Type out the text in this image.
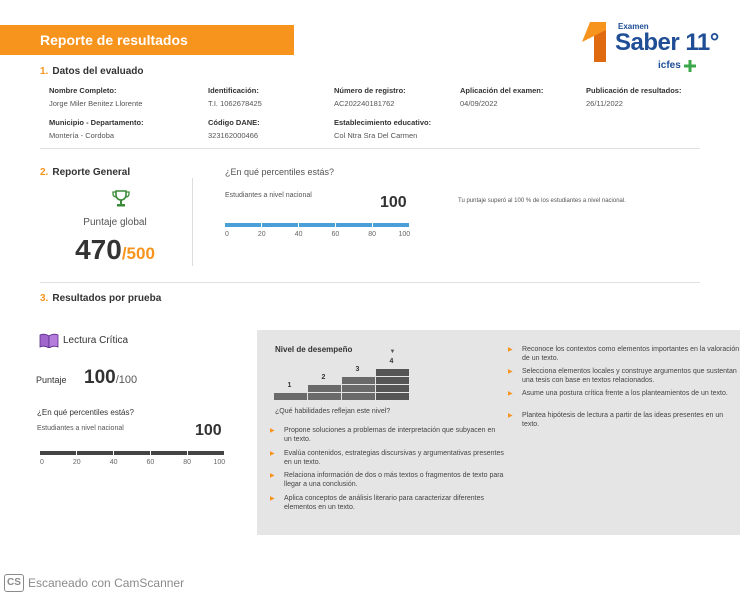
Reporte de resultados
Examen
Saber 11°
icfes
1. Datos del evaluado
Nombre Completo:
Jorge Miler Benitez Llorente
Identificación:
T.I. 1062678425
Número de registro:
AC202240181762
Aplicación del examen:
04/09/2022
Publicación de resultados:
26/11/2022
Municipio - Departamento:
Montería - Cordoba
Código DANE:
323162000466
Establecimiento educativo:
Col Ntra Sra Del Carmen
2. Reporte General
Puntaje global
470/500
¿En qué percentiles estás?
Estudiantes a nivel nacional	100
0	20	40	60	80	100
Tu puntaje superó al 100 % de los estudiantes a nivel nacional.
3. Resultados por prueba
Lectura Crítica
Puntaje 100/100
¿En qué percentiles estás?
Estudiantes a nivel nacional	100
0	20	40	60	80	100
Nivel de desempeño
1
2
3
4
▼
¿Qué habilidades reflejan este nivel?
▶	Propone soluciones a problemas de interpretación que subyacen en un texto.
▶	Evalúa contenidos, estrategias discursivas y argumentativas presentes en un texto.
▶	Relaciona información de dos o más textos o fragmentos de texto para llegar a una conclusión.
▶	Aplica conceptos de análisis literario para caracterizar diferentes elementos en un texto.
▶	Reconoce los contextos como elementos importantes en la valoración de un texto.
▶	Selecciona elementos locales y construye argumentos que sustentan una tesis con base en textos relacionados.
▶	Asume una postura crítica frente a los planteamientos de un texto.
▶	Plantea hipótesis de lectura a partir de las ideas presentes en un texto.
CS Escaneado con CamScanner
